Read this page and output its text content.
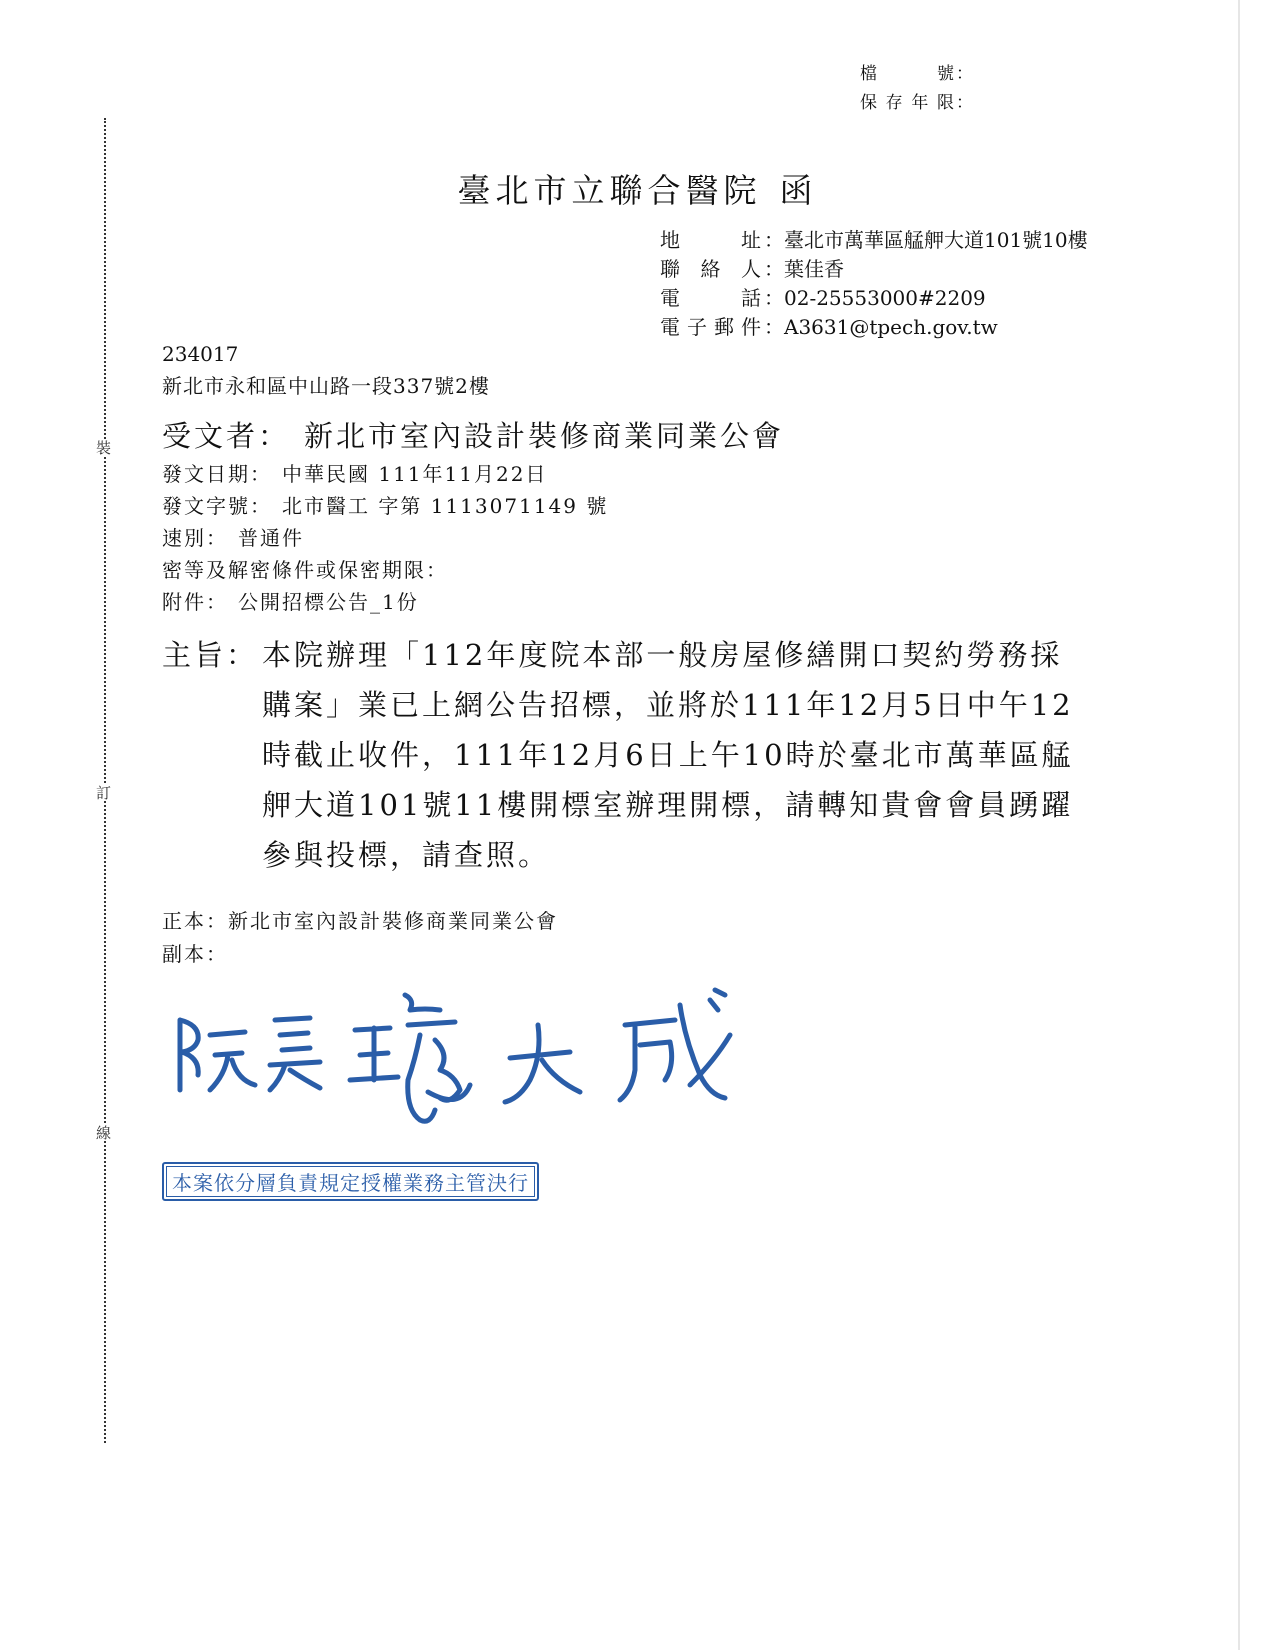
裝
訂
線
檔　　號 ：
保存年限 ：
臺北市立聯合醫院 函
地　　址 ： 臺北市萬華區艋舺大道101號10樓
聯 絡 人 ： 葉佳香
電　　話 ： 02-25553000#2209
電子郵件 ： A3631@tpech.gov.tw
234017
新北市永和區中山路一段337號2樓
受文者： 新北市室內設計裝修商業同業公會
發文日期： 中華民國 111年11月22日
發文字號： 北市醫工 字第 1113071149 號
速別： 普通件
密等及解密條件或保密期限：
附件： 公開招標公告_1份
主旨： 本院辦理「112年度院本部一般房屋修繕開口契約勞務採
購案」業已上網公告招標，並將於111年12月5日中午12
時截止收件，111年12月6日上午10時於臺北市萬華區艋
舺大道101號11樓開標室辦理開標，請轉知貴會會員踴躍
參與投標，請查照。
正本：新北市室內設計裝修商業同業公會
副本：
本案依分層負責規定授權業務主管決行
